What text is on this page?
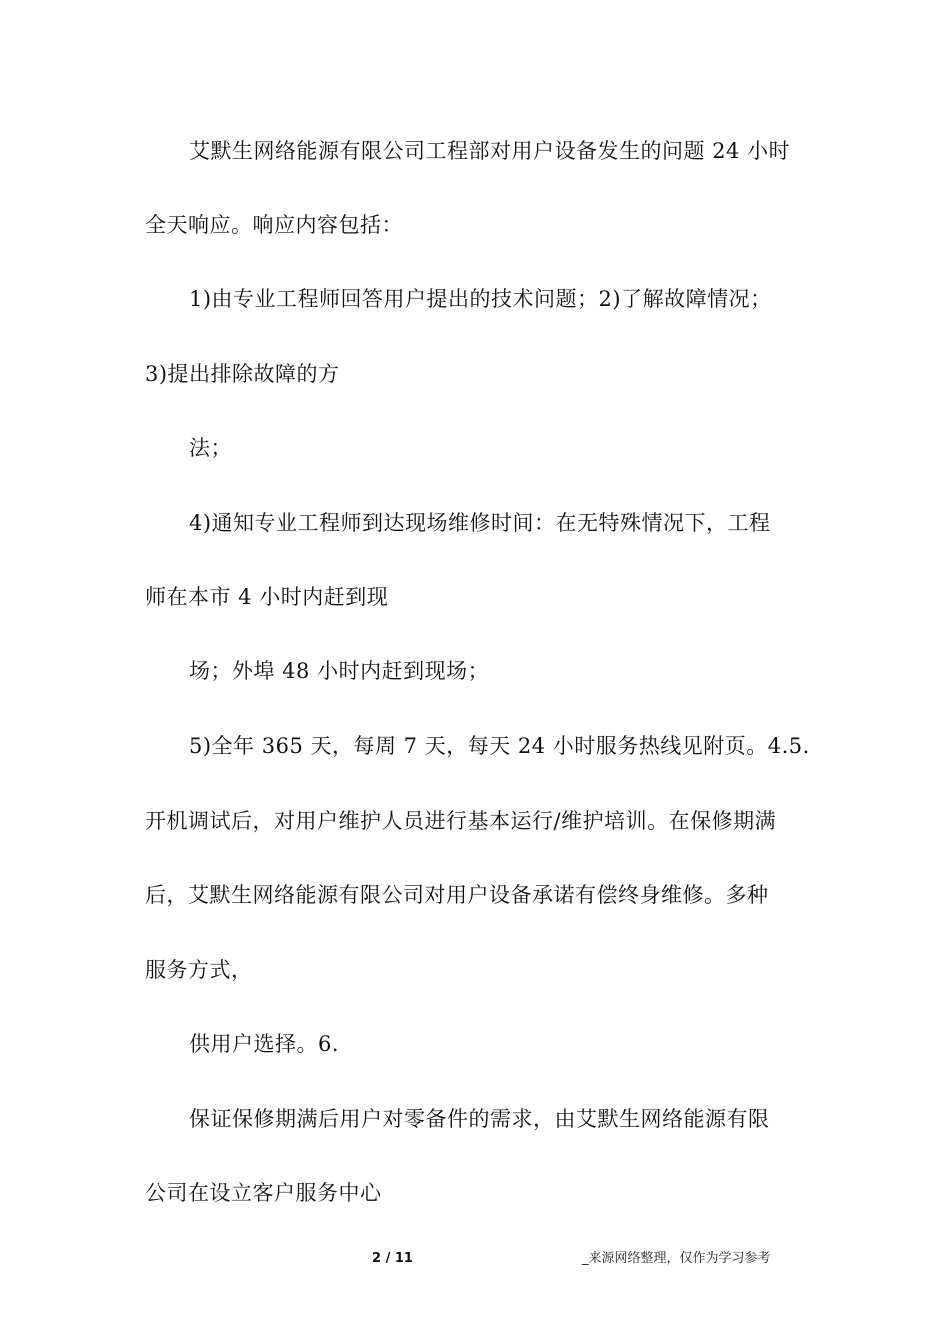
艾默生网络能源有限公司工程部对用户设备发生的问题 24 小时
全天响应。响应内容包括：
1)由专业工程师回答用户提出的技术问题；2)了解故障情况；
3)提出排除故障的方
法；
4)通知专业工程师到达现场维修时间：在无特殊情况下，工程
师在本市 4 小时内赶到现
场；外埠 48 小时内赶到现场；
5)全年 365 天，每周 7 天，每天 24 小时服务热线见附页。4.5.
开机调试后，对用户维护人员进行基本运行/维护培训。在保修期满
后，艾默生网络能源有限公司对用户设备承诺有偿终身维修。多种
服务方式，
供用户选择。6.
保证保修期满后用户对零备件的需求，由艾默生网络能源有限
公司在设立客户服务中心
2 / 11	_来源网络整理，仅作为学习参考
